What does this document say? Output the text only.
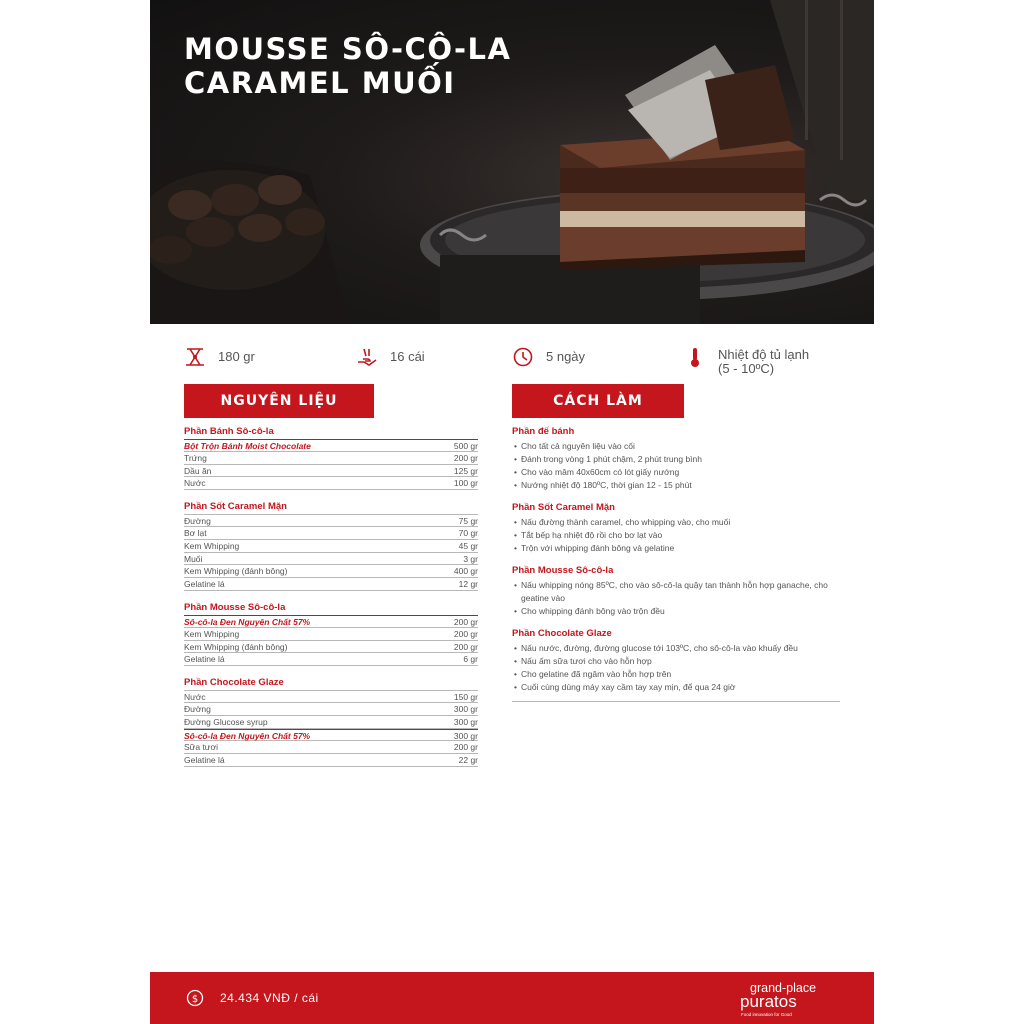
MOUSSE SÔ-CÔ-LA
CARAMEL MUỐI
180 gr	16 cái	5 ngày	Nhiệt độ tủ lạnh
(5 - 10ºC)
NGUYÊN LIỆU	CÁCH LÀM
Phần Bánh Sô-cô-la
Bột Trộn Bánh Moist Chocolate	500 gr
Trứng	200 gr
Dầu ăn	125 gr
Nước	100 gr
Phần Sốt Caramel Mặn
Đường	75 gr
Bơ lạt	70 gr
Kem Whipping	45 gr
Muối	3 gr
Kem Whipping (đánh bông)	400 gr
Gelatine lá	12 gr
Phần Mousse Sô-cô-la
Sô-cô-la Đen Nguyên Chất 57%	200 gr
Kem Whipping	200 gr
Kem Whipping (đánh bông)	200 gr
Gelatine lá	6 gr
Phần Chocolate Glaze
Nước	150 gr
Đường	300 gr
Đường Glucose syrup	300 gr
Sô-cô-la Đen Nguyên Chất 57%	300 gr
Sữa tươi	200 gr
Gelatine lá	22 gr
Phần đế bánh
• Cho tất cả nguyên liệu vào cối
• Đánh trong vòng 1 phút chậm, 2 phút trung bình
• Cho vào mâm 40x60cm có lót giấy nướng
• Nướng nhiệt độ 180ºC, thời gian 12 - 15 phút
Phần Sốt Caramel Mặn
• Nấu đường thành caramel, cho whipping vào, cho muối
• Tắt bếp hạ nhiệt độ rồi cho bơ lạt vào
• Trộn với whipping đánh bông và gelatine
Phần Mousse Sô-cô-la
• Nấu whipping nóng 85ºC, cho vào sô-cô-la quậy tan thành hỗn hợp ganache, cho geatine vào
• Cho whipping đánh bông vào trộn đều
Phần Chocolate Glaze
• Nấu nước, đường, đường glucose tới 103ºC, cho sô-cô-la vào khuấy đều
• Nấu ấm sữa tươi cho vào hỗn hợp
• Cho gelatine đã ngâm vào hỗn hợp trên
• Cuối cùng dùng máy xay cầm tay xay mịn, để qua 24 giờ
$ 24.434 VNĐ / cái
grand-place
puratos
Food innovation for Good
